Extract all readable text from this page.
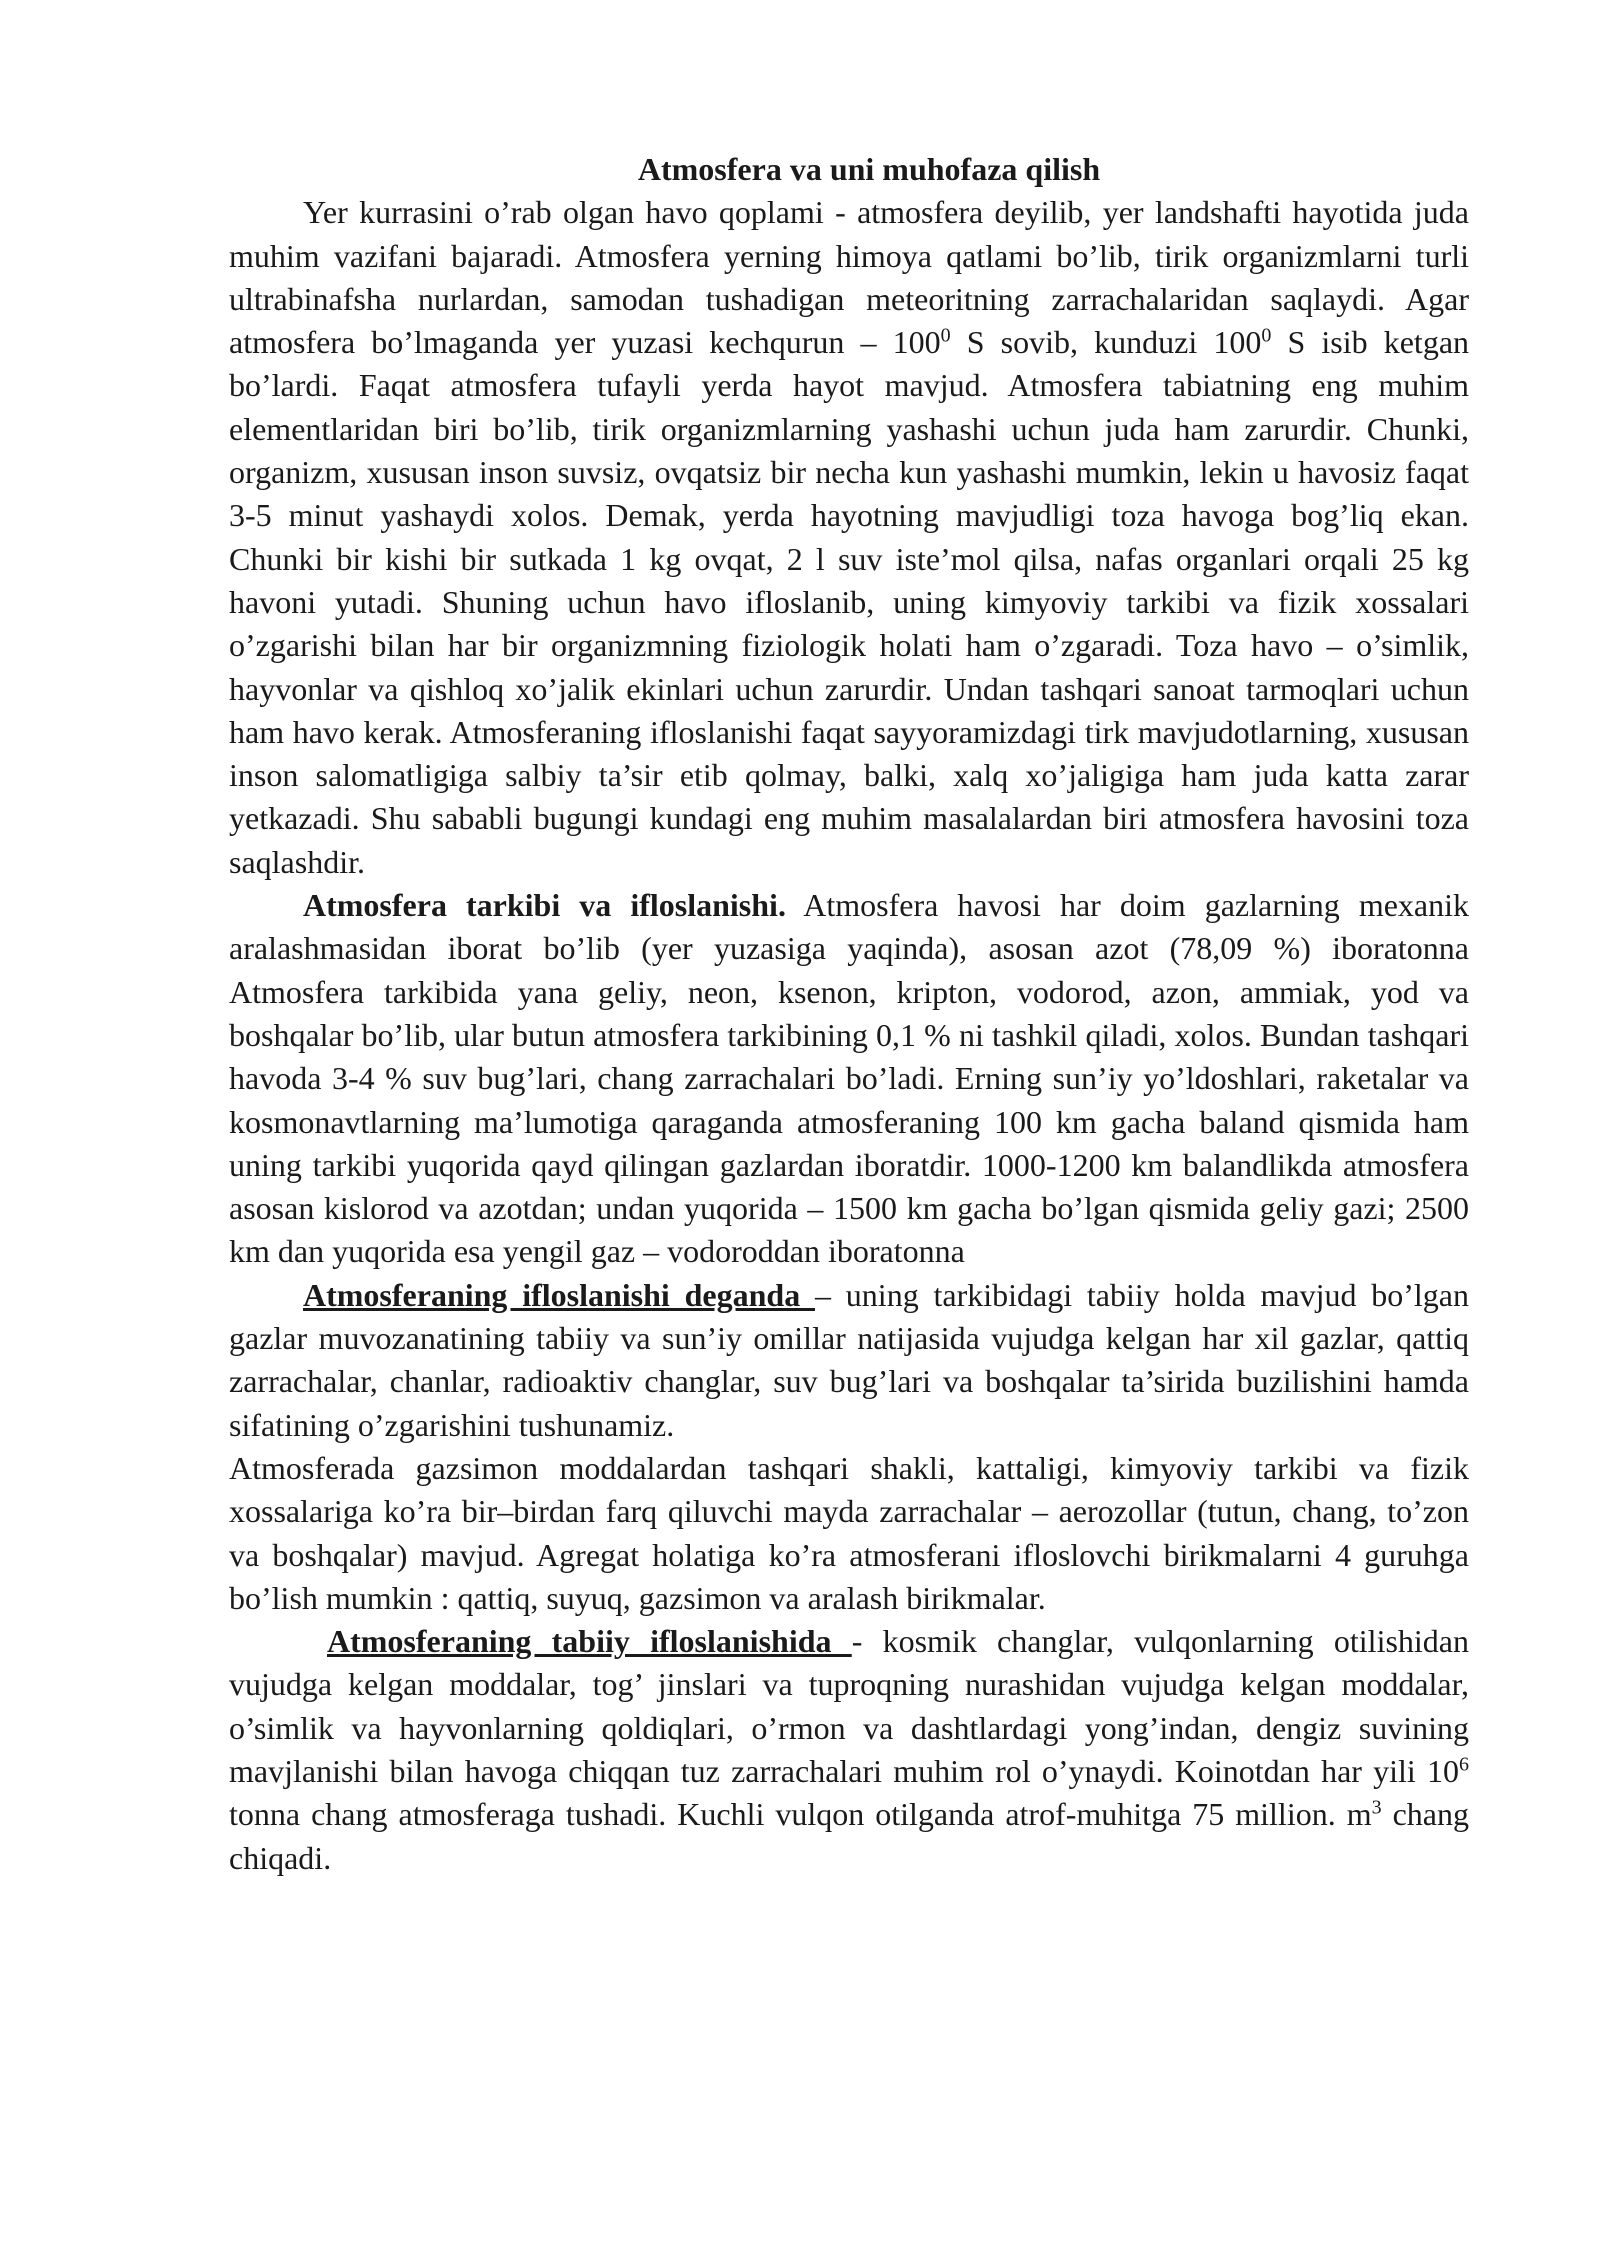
Atmosfera va uni muhofaza qilish

Yer kurrasini o’rab olgan havo qoplami - atmosfera deyilib, yer landshafti hayotida juda muhim vazifani bajaradi. Atmosfera yerning himoya qatlami bo’lib, tirik organizmlarni turli ultrabinafsha nurlardan, samodan tushadigan meteoritning zarrachalaridan saqlaydi. Agar atmosfera bo’lmaganda yer yuzasi kechqurun – $100^0$ S sovib, kunduzi $100^0$ S isib ketgan bo’lardi. Faqat atmosfera tufayli yerda hayot mavjud. Atmosfera tabiatning eng muhim elementlaridan biri bo’lib, tirik organizmlarning yashashi uchun juda ham zarurdir. Chunki, organizm, xususan inson suvsiz, ovqatsiz bir necha kun yashashi mumkin, lekin u havosiz faqat 3-5 minut yashaydi xolos. Demak, yerda hayotning mavjudligi toza havoga bog’liq ekan. Chunki bir kishi bir sutkada 1 kg ovqat, 2 l suv iste’mol qilsa, nafas organlari orqali 25 kg havoni yutadi. Shuning uchun havo ifloslanib, uning kimyoviy tarkibi va fizik xossalari o’zgarishi bilan har bir organizmning fiziologik holati ham o’zgaradi. Toza havo – o’simlik, hayvonlar va qishloq xo’jalik ekinlari uchun zarurdir. Undan tashqari sanoat tarmoqlari uchun ham havo kerak. Atmosferaning ifloslanishi faqat sayyoramizdagi tirk mavjudotlarning, xususan inson salomatligiga salbiy ta’sir etib qolmay, balki, xalq xo’jaligiga ham juda katta zarar yetkazadi. Shu sababli bugungi kundagi eng muhim masalalardan biri atmosfera havosini toza saqlashdir.

Atmosfera tarkibi va ifloslanishi. Atmosfera havosi har doim gazlarning mexanik aralashmasidan iborat bo’lib (yer yuzasiga yaqinda), asosan azot (78,09 %) iboratonna Atmosfera tarkibida yana geliy, neon, ksenon, kripton, vodorod, azon, ammiak, yod va boshqalar bo’lib, ular butun atmosfera tarkibining 0,1 % ni tashkil qiladi, xolos. Bundan tashqari havoda 3-4 % suv bug’lari, chang zarrachalari bo’ladi. Erning sun’iy yo’ldoshlari, raketalar va kosmonavtlarning ma’lumotiga qaraganda atmosferaning 100 km gacha baland qismida ham uning tarkibi yuqorida qayd qilingan gazlardan iboratdir. 1000-1200 km balandlikda atmosfera asosan kislorod va azotdan; undan yuqorida – 1500 km gacha bo’lgan qismida geliy gazi; 2500 km dan yuqorida esa yengil gaz – vodoroddan iboratonna

Atmosferaning ifloslanishi deganda – uning tarkibidagi tabiiy holda mavjud bo’lgan gazlar muvozanatining tabiiy va sun’iy omillar natijasida vujudga kelgan har xil gazlar, qattiq zarrachalar, chanlar, radioaktiv changlar, suv bug’lari va boshqalar ta’sirida buzilishini hamda sifatining o’zgarishini tushunamiz.

Atmosferada gazsimon moddalardan tashqari shakli, kattaligi, kimyoviy tarkibi va fizik xossalariga ko’ra bir–birdan farq qiluvchi mayda zarrachalar – aerozollar (tutun, chang, to’zon va boshqalar) mavjud. Agregat holatiga ko’ra atmosferani ifloslovchi birikmalarni 4 guruhga bo’lish mumkin : qattiq, suyuq, gazsimon va aralash birikmalar.

Atmosferaning tabiiy ifloslanishida - kosmik changlar, vulqonlarning otilishidan vujudga kelgan moddalar, tog’ jinslari va tuproqning nurashidan vujudga kelgan moddalar, o’simlik va hayvonlarning qoldiqlari, o’rmon va dashtlardagi yong’indan, dengiz suvining mavjlanishi bilan havoga chiqqan tuz zarrachalari muhim rol o’ynaydi. Koinotdan har yili $10^6$ tonna chang atmosferaga tushadi. Kuchli vulqon otilganda atrof-muhitga 75 million. $m^3$ chang chiqadi.
